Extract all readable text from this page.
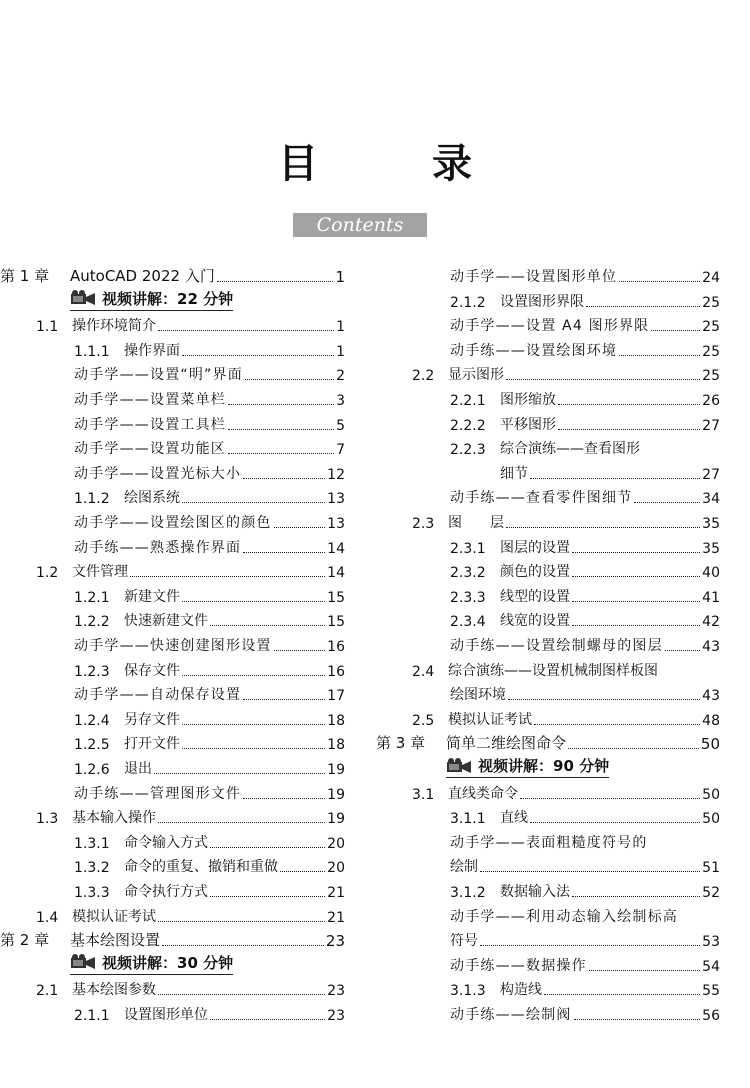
目 录
Contents
第 1 章	AutoCAD 2022 入门	1
视频讲解：22 分钟
1.1 操作环境简介	1
1.1.1	操作界面	1
动手学——设置“明”界面	2
动手学——设置菜单栏	3
动手学——设置工具栏	5
动手学——设置功能区	7
动手学——设置光标大小	12
1.1.2	绘图系统	13
动手学——设置绘图区的颜色	13
动手练——熟悉操作界面	14
1.2 文件管理	14
1.2.1	新建文件	15
1.2.2	快速新建文件	15
动手学——快速创建图形设置	16
1.2.3	保存文件	16
动手学——自动保存设置	17
1.2.4	另存文件	18
1.2.5	打开文件	18
1.2.6	退出	19
动手练——管理图形文件	19
1.3 基本输入操作	19
1.3.1	命令输入方式	20
1.3.2	命令的重复、撤销和重做	20
1.3.3	命令执行方式	21
1.4 模拟认证考试	21
第 2 章	基本绘图设置	23
视频讲解：30 分钟
2.1 基本绘图参数	23
2.1.1	设置图形单位	23
动手学——设置图形单位	24
2.1.2	设置图形界限	25
动手学——设置 A4 图形界限	25
动手练——设置绘图环境	25
2.2 显示图形	25
2.2.1	图形缩放	26
2.2.2	平移图形	27
2.2.3	综合演练——查看图形
细节	27
动手练——查看零件图细节	34
2.3 图　　层	35
2.3.1	图层的设置	35
2.3.2	颜色的设置	40
2.3.3	线型的设置	41
2.3.4	线宽的设置	42
动手练——设置绘制螺母的图层	43
2.4 综合演练——设置机械制图样板图
绘图环境	43
2.5 模拟认证考试	48
第 3 章	简单二维绘图命令	50
视频讲解：90 分钟
3.1 直线类命令	50
3.1.1	直线	50
动手学——表面粗糙度符号的
绘制	51
3.1.2	数据输入法	52
动手学——利用动态输入绘制标高
符号	53
动手练——数据操作	54
3.1.3	构造线	55
动手练——绘制阀	56
